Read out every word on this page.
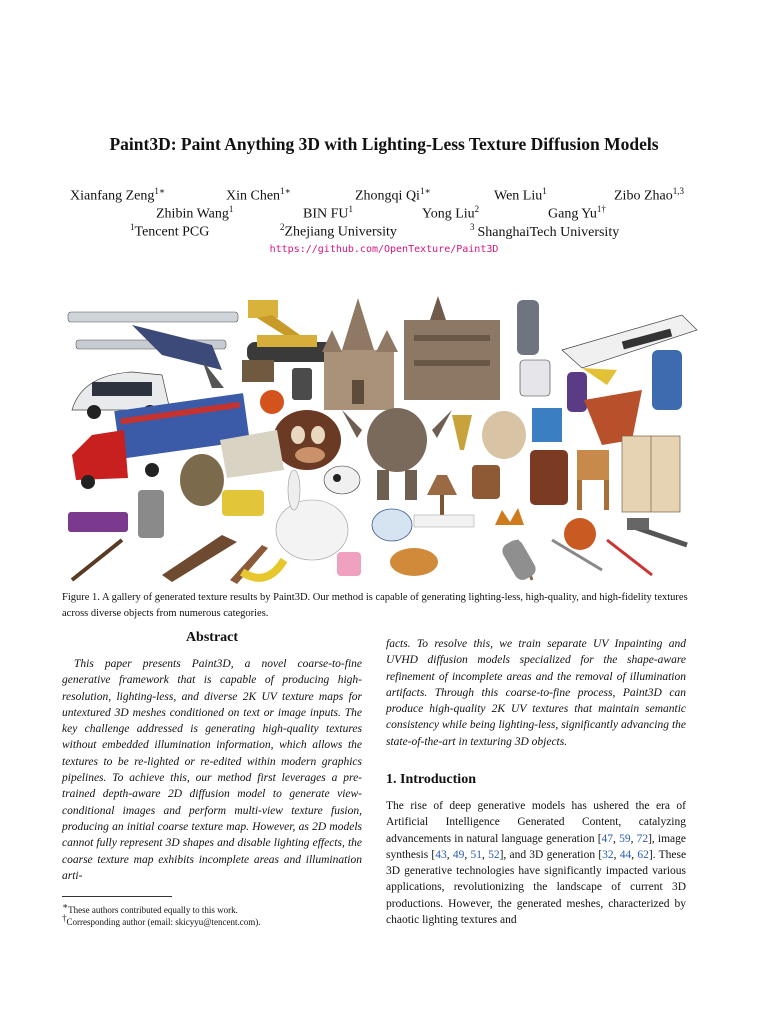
Paint3D: Paint Anything 3D with Lighting-Less Texture Diffusion Models
Xianfang Zeng$^{1∗}$	Xin Chen$^{1∗}$	Zhongqi $Qi^{1∗}$	Wen Liu$^1$	Zibo Zhao$^{1,3}$
Zhibin Wang$^1$	BIN $FU^1$	Yong Liu$^2$	Gang $Yu^{1\dagger}$
$^1$Tencent PCG	$^2$Zhejiang University	$^3$ ShanghaiTech University
https://github.com/OpenTexture/Paint3D
Figure 1. A gallery of generated texture results by Paint3D. Our method is capable of generating lighting-less, high-quality, and high-fidelity textures across diverse objects from numerous categories.
Abstract
This paper presents Paint3D, a novel coarse-to-fine generative framework that is capable of producing high-resolution, lighting-less, and diverse 2K UV texture maps for untextured 3D meshes conditioned on text or image inputs. The key challenge addressed is generating high-quality textures without embedded illumination information, which allows the textures to be re-lighted or re-edited within modern graphics pipelines. To achieve this, our method first leverages a pre-trained depth-aware 2D diffusion model to generate view-conditional images and perform multi-view texture fusion, producing an initial coarse texture map. However, as 2D models cannot fully represent 3D shapes and disable lighting effects, the coarse texture map exhibits incomplete areas and illumination arti-
facts. To resolve this, we train separate UV Inpainting and UVHD diffusion models specialized for the shape-aware refinement of incomplete areas and the removal of illumination artifacts. Through this coarse-to-fine process, Paint3D can produce high-quality 2K UV textures that maintain semantic consistency while being lighting-less, significantly advancing the state-of-the-art in texturing 3D objects.
1. Introduction
The rise of deep generative models has ushered the era of Artificial Intelligence Generated Content, catalyzing advancements in natural language generation [47, 59, 72], image synthesis [43, 49, 51, 52], and 3D generation [32, 44, 62]. These 3D generative technologies have significantly impacted various applications, revolutionizing the landscape of current 3D productions. However, the generated meshes, characterized by chaotic lighting textures and
∗These authors contributed equally to this work.
†Corresponding author (email: skicyyu@tencent.com).
